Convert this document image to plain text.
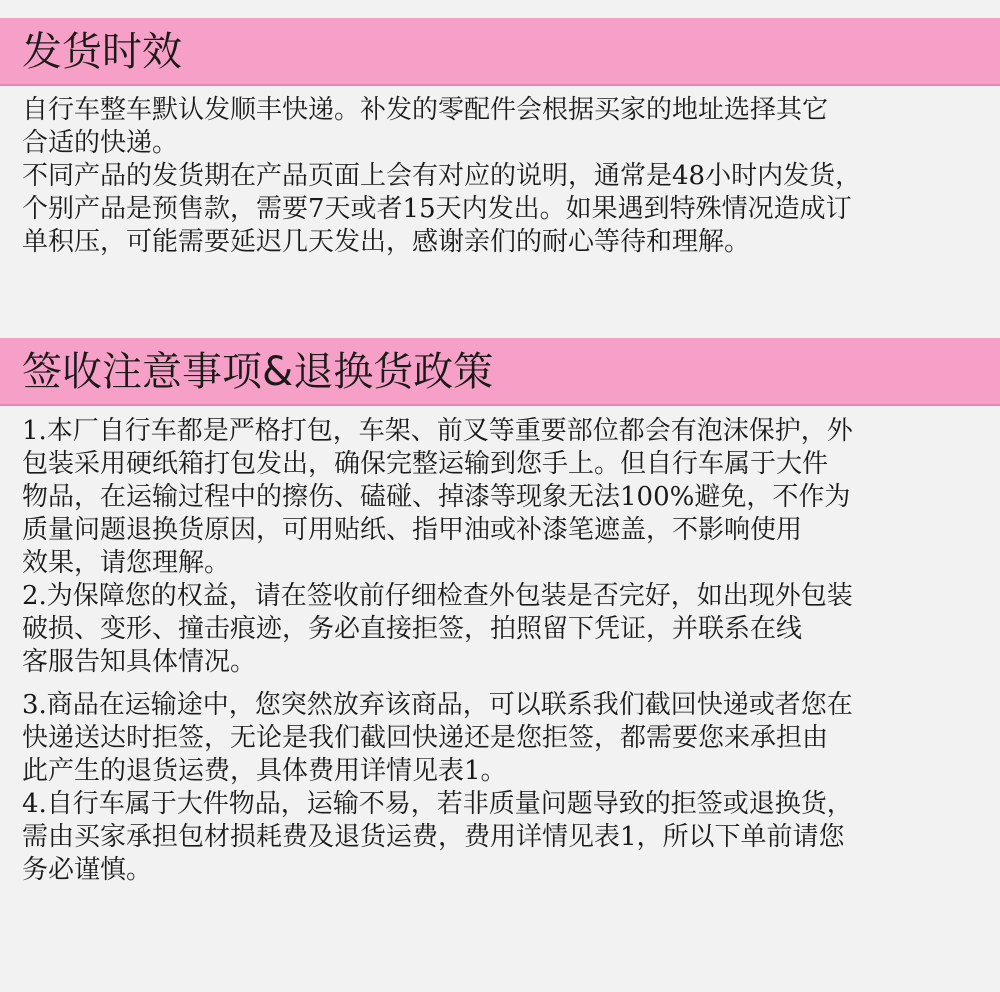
发货时效
自行车整车默认发顺丰快递。补发的零配件会根据买家的地址选择其它
合适的快递。
不同产品的发货期在产品页面上会有对应的说明，通常是48小时内发货，
个别产品是预售款，需要7天或者15天内发出。如果遇到特殊情况造成订
单积压，可能需要延迟几天发出，感谢亲们的耐心等待和理解。
签收注意事项&退换货政策
1.本厂自行车都是严格打包，车架、前叉等重要部位都会有泡沫保护，外
包装采用硬纸箱打包发出，确保完整运输到您手上。但自行车属于大件
物品，在运输过程中的擦伤、磕碰、掉漆等现象无法100%避免，不作为
质量问题退换货原因，可用贴纸、指甲油或补漆笔遮盖，不影响使用
效果，请您理解。
2.为保障您的权益，请在签收前仔细检查外包装是否完好，如出现外包装
破损、变形、撞击痕迹，务必直接拒签，拍照留下凭证，并联系在线
客服告知具体情况。
3.商品在运输途中，您突然放弃该商品，可以联系我们截回快递或者您在
快递送达时拒签，无论是我们截回快递还是您拒签，都需要您来承担由
此产生的退货运费，具体费用详情见表1。
4.自行车属于大件物品，运输不易，若非质量问题导致的拒签或退换货，
需由买家承担包材损耗费及退货运费，费用详情见表1，所以下单前请您
务必谨慎。
